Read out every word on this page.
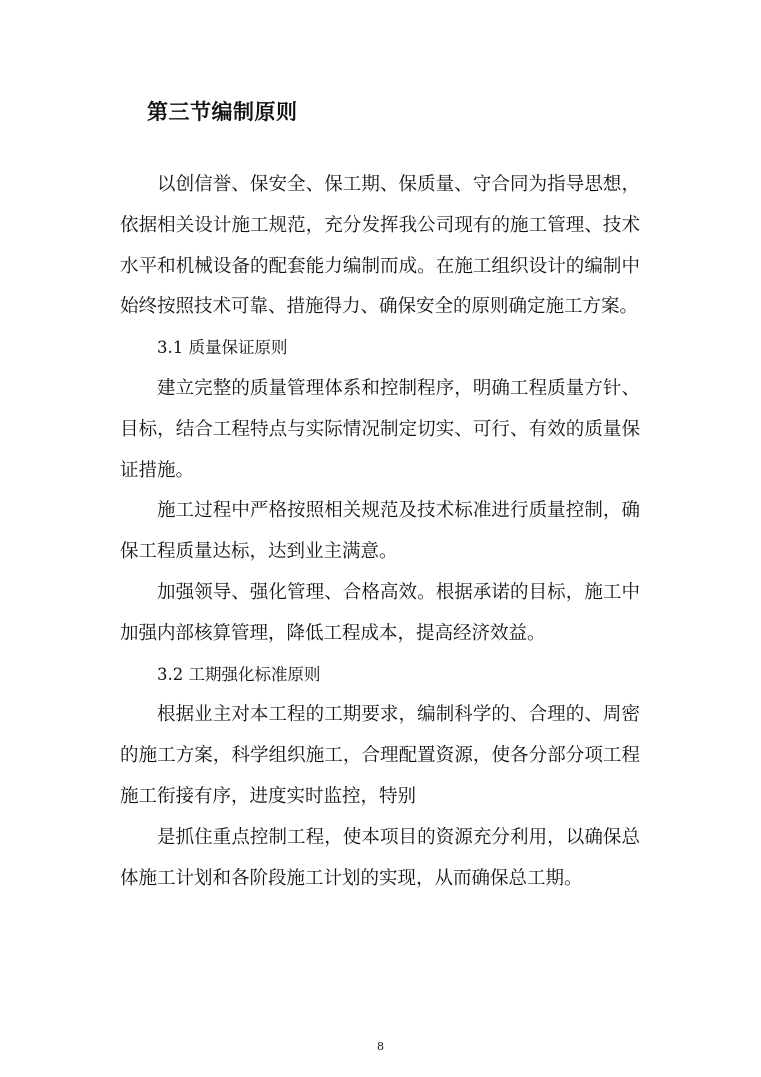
第三节编制原则

以创信誉、保安全、保工期、保质量、守合同为指导思想，依据相关设计施工规范，充分发挥我公司现有的施工管理、技术水平和机械设备的配套能力编制而成。在施工组织设计的编制中始终按照技术可靠、措施得力、确保安全的原则确定施工方案。

3.1 质量保证原则

建立完整的质量管理体系和控制程序，明确工程质量方针、目标，结合工程特点与实际情况制定切实、可行、有效的质量保证措施。

施工过程中严格按照相关规范及技术标准进行质量控制，确保工程质量达标，达到业主满意。

加强领导、强化管理、合格高效。根据承诺的目标，施工中加强内部核算管理，降低工程成本，提高经济效益。

3.2 工期强化标准原则

根据业主对本工程的工期要求，编制科学的、合理的、周密的施工方案，科学组织施工，合理配置资源，使各分部分项工程施工衔接有序，进度实时监控，特别

是抓住重点控制工程，使本项目的资源充分利用，以确保总体施工计划和各阶段施工计划的实现，从而确保总工期。

8
